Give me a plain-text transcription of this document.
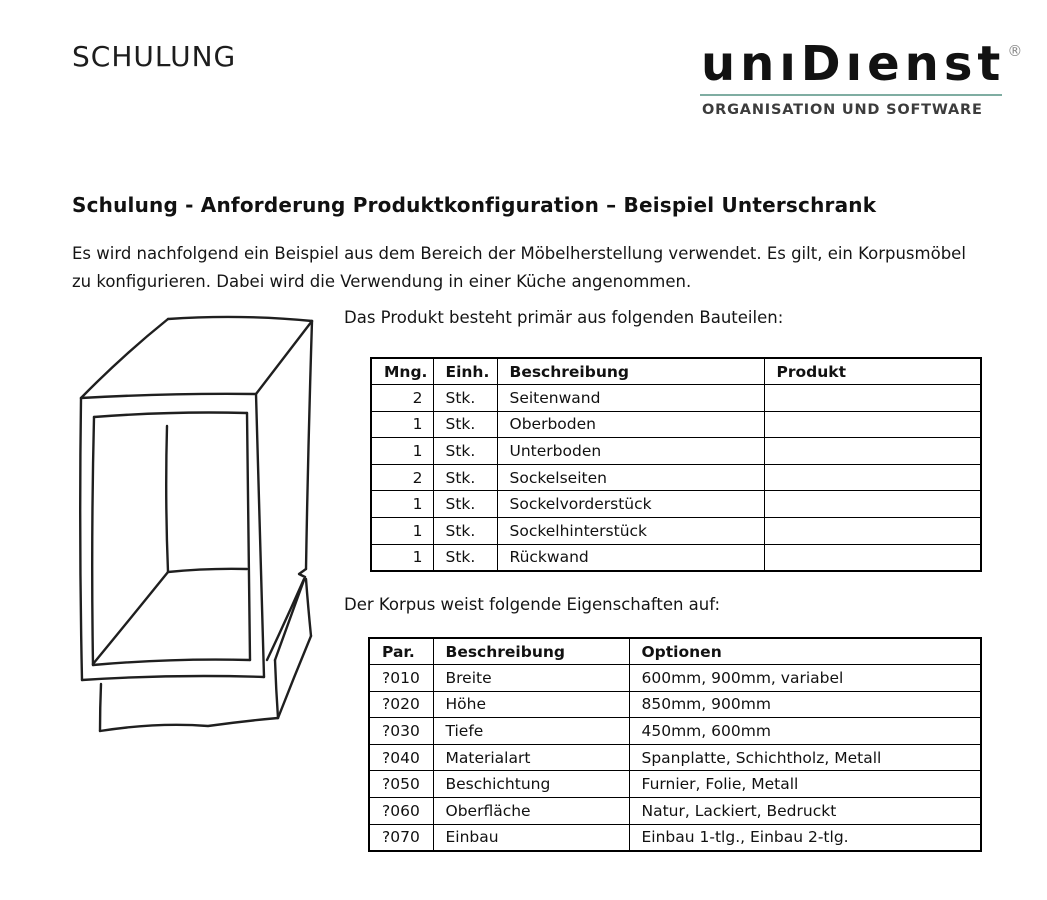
SCHULUNG	unıDıenst ®
ORGANISATION UND SOFTWARE
Schulung - Anforderung Produktkonfiguration – Beispiel Unterschrank
Es wird nachfolgend ein Beispiel aus dem Bereich der Möbelherstellung verwendet. Es gilt, ein Korpusmöbel zu konfigurieren. Dabei wird die Verwendung in einer Küche angenommen.
Das Produkt besteht primär aus folgenden Bauteilen:
Mng.	Einh.	Beschreibung	Produkt
2	Stk.	Seitenwand	
1	Stk.	Oberboden	
1	Stk.	Unterboden	
2	Stk.	Sockelseiten	
1	Stk.	Sockelvorderstück	
1	Stk.	Sockelhinterstück	
1	Stk.	Rückwand	
Der Korpus weist folgende Eigenschaften auf:
Par.	Beschreibung	Optionen
?010	Breite	600mm, 900mm, variabel
?020	Höhe	850mm, 900mm
?030	Tiefe	450mm, 600mm
?040	Materialart	Spanplatte, Schichtholz, Metall
?050	Beschichtung	Furnier, Folie, Metall
?060	Oberfläche	Natur, Lackiert, Bedruckt
?070	Einbau	Einbau 1-tlg., Einbau 2-tlg.
